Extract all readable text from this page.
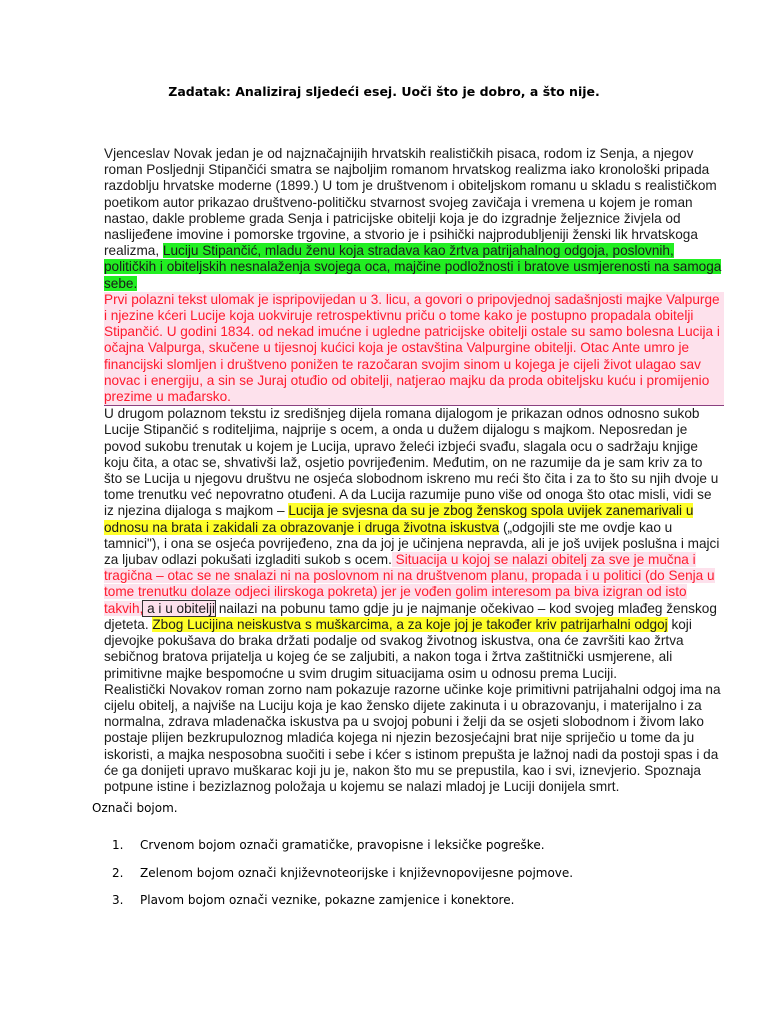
Zadatak: Analiziraj sljedeći esej. Uoči što je dobro, a što nije.

Vjenceslav Novak jedan je od najznačajnijih hrvatskih realističkih pisaca, rodom iz Senja, a njegov roman Posljednji Stipančići smatra se najboljim romanom hrvatskog realizma iako kronološki pripada razdoblju hrvatske moderne (1899.) U tom je društvenom i obiteljskom romanu u skladu s realističkom poetikom autor prikazao društveno-političku stvarnost svojeg zavičaja i vremena u kojem je roman nastao, dakle probleme grada Senja i patricijske obitelji koja je do izgradnje željeznice živjela od naslijeđene imovine i pomorske trgovine, a stvorio je i psihički najprodubljeniji ženski lik hrvatskoga realizma, Luciju Stipančić, mladu ženu koja stradava kao žrtva patrijahalnog odgoja, poslovnih, političkih i obiteljskih nesnalaženja svojega oca, majčine podložnosti i bratove usmjerenosti na samoga sebe.

Prvi polazni tekst ulomak je ispripovijedan u 3. licu, a govori o pripovjednoj sadašnjosti majke Valpurge i njezine kćeri Lucije koja uokviruje retrospektivnu priču o tome kako je postupno propadala obitelji Stipančić. U godini 1834. od nekad imućne i ugledne patricijske obitelji ostale su samo bolesna Lucija i očajna Valpurga, skučene u tijesnoj kućici koja je ostavština Valpurgine obitelji. Otac Ante umro je financijski slomljen i društveno ponižen te razočaran svojim sinom u kojega je cijeli život ulagao sav novac i energiju, a sin se Juraj otuđio od obitelji, natjerao majku da proda obiteljsku kuću i promijenio prezime u mađarsko.

U drugom polaznom tekstu iz središnjeg dijela romana dijalogom je prikazan odnos odnosno sukob Lucije Stipančić s roditeljima, najprije s ocem, a onda u dužem dijalogu s majkom. Neposredan je povod sukobu trenutak u kojem je Lucija, upravo želeći izbjeći svađu, slagala ocu o sadržaju knjige koju čita, a otac se, shvativši laž, osjetio povrijeđenim. Međutim, on ne razumije da je sam kriv za to što se Lucija u njegovu društvu ne osjeća slobodnom iskreno mu reći što čita i za to što su njih dvoje u tome trenutku već nepovratno otuđeni. A da Lucija razumije puno više od onoga što otac misli, vidi se iz njezina dijaloga s majkom – Lucija je svjesna da su je zbog ženskog spola uvijek zanemarivali u odnosu na brata i zakidali za obrazovanje i druga životna iskustva („odgojili ste me ovdje kao u tamnici"), i ona se osjeća povrijeđeno, zna da joj je učinjena nepravda, ali je još uvijek poslušna i majci za ljubav odlazi pokušati izgladiti sukob s ocem. Situacija u kojoj se nalazi obitelj za sve je mučna i tragična – otac se ne snalazi ni na poslovnom ni na društvenom planu, propada i u politici (do Senja u tome trenutku dolaze odjeci ilirskoga pokreta) jer je vođen golim interesom pa biva izigran od isto takvih, a i u obitelji nailazi na pobunu tamo gdje ju je najmanje očekivao – kod svojeg mlađeg ženskog djeteta. Zbog Lucijina neiskustva s muškarcima, a za koje joj je također kriv patrijarhalni odgoj koji djevojke pokušava do braka držati podalje od svakog životnog iskustva, ona će završiti kao žrtva sebičnog bratova prijatelja u kojeg će se zaljubiti, a nakon toga i žrtva zaštitnički usmjerene, ali primitivne majke bespomoćne u svim drugim situacijama osim u odnosu prema Luciji.

Realistički Novakov roman zorno nam pokazuje razorne učinke koje primitivni patrijahalni odgoj ima na cijelu obitelj, a najviše na Luciju koja je kao žensko dijete zakinuta i u obrazovanju, i materijalno i za normalna, zdrava mladenačka iskustva pa u svojoj pobuni i želji da se osjeti slobodnom i živom lako postaje plijen bezkrupuloznog mladića kojega ni njezin bezosjećajni brat nije spriječio u tome da ju iskoristi, a majka nesposobna suočiti i sebe i kćer s istinom prepušta je lažnoj nadi da postoji spas i da će ga donijeti upravo muškarac koji ju je, nakon što mu se prepustila, kao i svi, iznevjerio. Spoznaja potpune istine i bezizlaznog položaja u kojemu se nalazi mladoj je Luciji donijela smrt.

Označi bojom.
1.	Crvenom bojom označi gramatičke, pravopisne i leksičke pogreške.
2.	Zelenom bojom označi književnoteorijske i književnopovijesne pojmove.
3.	Plavom bojom označi veznike, pokazne zamjenice i konektore.
